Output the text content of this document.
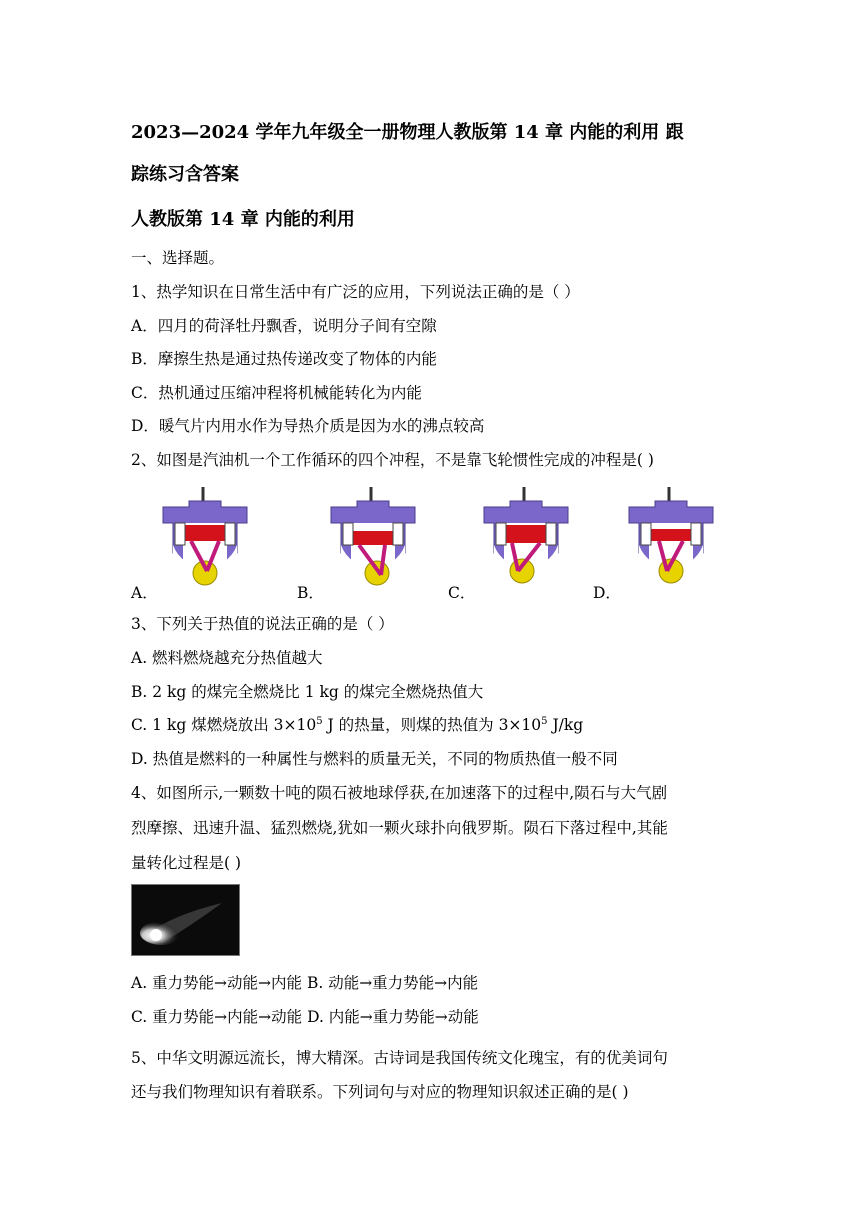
2023—2024 学年九年级全一册物理人教版第 14 章 内能的利用 跟
踪练习含答案
人教版第 14 章 内能的利用
一、选择题。
1、热学知识在日常生活中有广泛的应用，下列说法正确的是（ ）
A．四月的荷泽牡丹飘香，说明分子间有空隙
B．摩擦生热是通过热传递改变了物体的内能
C．热机通过压缩冲程将机械能转化为内能
D．暖气片内用水作为导热介质是因为水的沸点较高
2、如图是汽油机一个工作循环的四个冲程，不是靠飞轮惯性完成的冲程是( )
A．	B．	C．	D．
3、下列关于热值的说法正确的是（ ）
A. 燃料燃烧越充分热值越大
B. 2 kg 的煤完全燃烧比 1 kg 的煤完全燃烧热值大
C. 1 kg 煤燃烧放出 $3\times 10^5$ J 的热量，则煤的热值为 $3\times 10^5$ J/kg
D. 热值是燃料的一种属性与燃料的质量无关，不同的物质热值一般不同
4、如图所示,一颗数十吨的陨石被地球俘获,在加速落下的过程中,陨石与大气剧
烈摩擦、迅速升温、猛烈燃烧,犹如一颗火球扑向俄罗斯。陨石下落过程中,其能
量转化过程是( )
A. 重力势能→动能→内能 B. 动能→重力势能→内能
C. 重力势能→内能→动能 D. 内能→重力势能→动能
5、中华文明源远流长，博大精深。古诗词是我国传统文化瑰宝，有的优美词句
还与我们物理知识有着联系。下列词句与对应的物理知识叙述正确的是( )
